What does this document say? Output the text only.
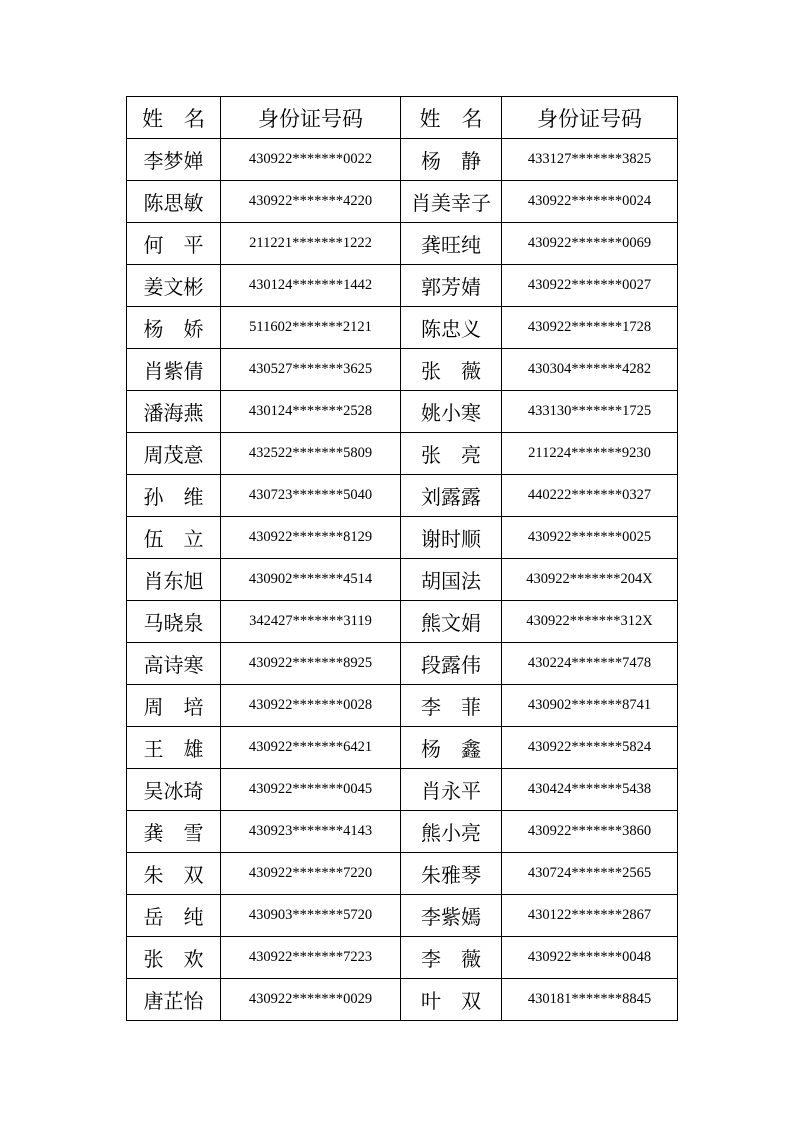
姓　名	身份证号码	姓　名	身份证号码
李梦婵	430922*******0022	杨　静	433127*******3825
陈思敏	430922*******4220	肖美幸子	430922*******0024
何　平	211221*******1222	龚旺纯	430922*******0069
姜文彬	430124*******1442	郭芳婧	430922*******0027
杨　娇	511602*******2121	陈忠义	430922*******1728
肖紫倩	430527*******3625	张　薇	430304*******4282
潘海燕	430124*******2528	姚小寒	433130*******1725
周茂意	432522*******5809	张　亮	211224*******9230
孙　维	430723*******5040	刘露露	440222*******0327
伍　立	430922*******8129	谢时顺	430922*******0025
肖东旭	430902*******4514	胡国法	430922*******204X
马晓泉	342427*******3119	熊文娟	430922*******312X
高诗寒	430922*******8925	段露伟	430224*******7478
周　培	430922*******0028	李　菲	430902*******8741
王　雄	430922*******6421	杨　鑫	430922*******5824
吴冰琦	430922*******0045	肖永平	430424*******5438
龚　雪	430923*******4143	熊小亮	430922*******3860
朱　双	430922*******7220	朱雅琴	430724*******2565
岳　纯	430903*******5720	李紫嫣	430122*******2867
张　欢	430922*******7223	李　薇	430922*******0048
唐芷怡	430922*******0029	叶　双	430181*******8845
